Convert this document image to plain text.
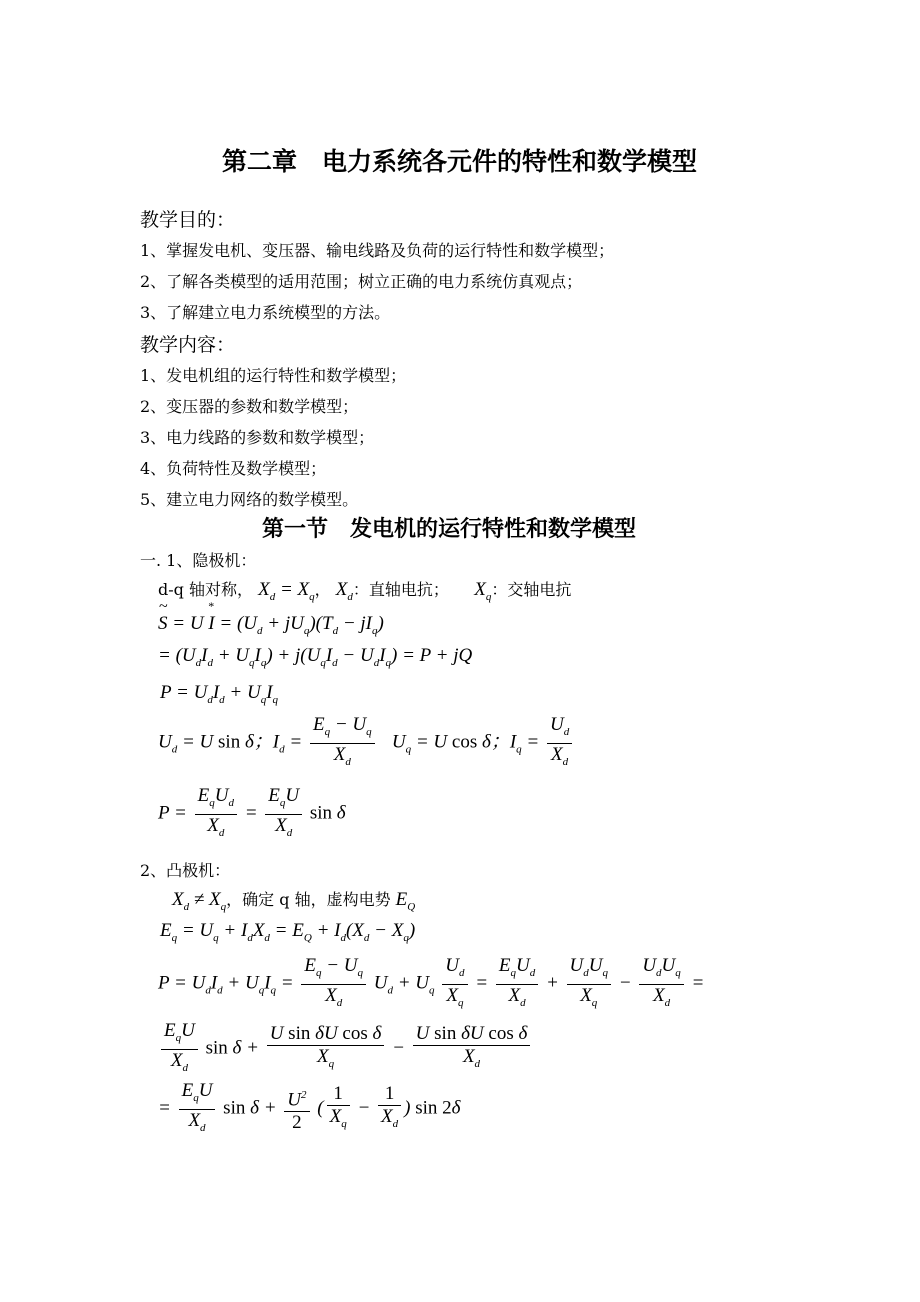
第二章　电力系统各元件的特性和数学模型
教学目的：
1、掌握发电机、变压器、输电线路及负荷的运行特性和数学模型；
2、了解各类模型的适用范围；树立正确的电力系统仿真观点；
3、了解建立电力系统模型的方法。
教学内容：
1、发电机组的运行特性和数学模型；
2、变压器的参数和数学模型；
3、电力线路的参数和数学模型；
4、负荷特性及数学模型；
5、建立电力网络的数学模型。
第一节　发电机的运行特性和数学模型
一. 1、隐极机：
d-q 轴对称， $X_d = X_q$， $X_d$：直轴电抗； $X_q$：交轴电抗
~ $S = U * I = (U_d + jU_q)(T_d - jI_q)$
= $(U_dI_d + U_qI_q) + j(U_qI_d - U_dI_q) = P$ + jQ
$P = U_dI_d + U_qI_q$
$U_d = U$ sin δ；$I_d = \frac{E_q - U_q}{X_d} U_q = U$ cos δ；$I_q = \frac{U_d}{X_d}$
$P = \frac{E_qU_d}{X_d} = \frac{E_qU}{X_d}$ sin δ
2、凸极机：
$X_d \ne X_q$，确定 q 轴，虚构电势 $E_Q$
$E_q = U_q + I_dX_d = E_Q + I_d(X_d - X_q)$
$P = U_dI_d + U_qI_q = \frac{E_q - U_q}{X_d} U_d + U_q \frac{U_d}{X_q} = \frac{E_qU_d}{X_d} + \frac{U_dU_q}{X_q} - \frac{U_dU_q}{X_d}$ =
$\frac{E_qU}{X_d}$ $\sin \delta + \frac{\text{U sin δU cos δ}}{X_q} - \frac{\text{U sin δU cos δ}}{X_d}$
= $\frac{E_qU}{X_d}$ $\sin \delta + \frac{U^2}{2}$ ( $\frac{1}{X_q} - \frac{1}{X_d}$ ) sin 2δ
